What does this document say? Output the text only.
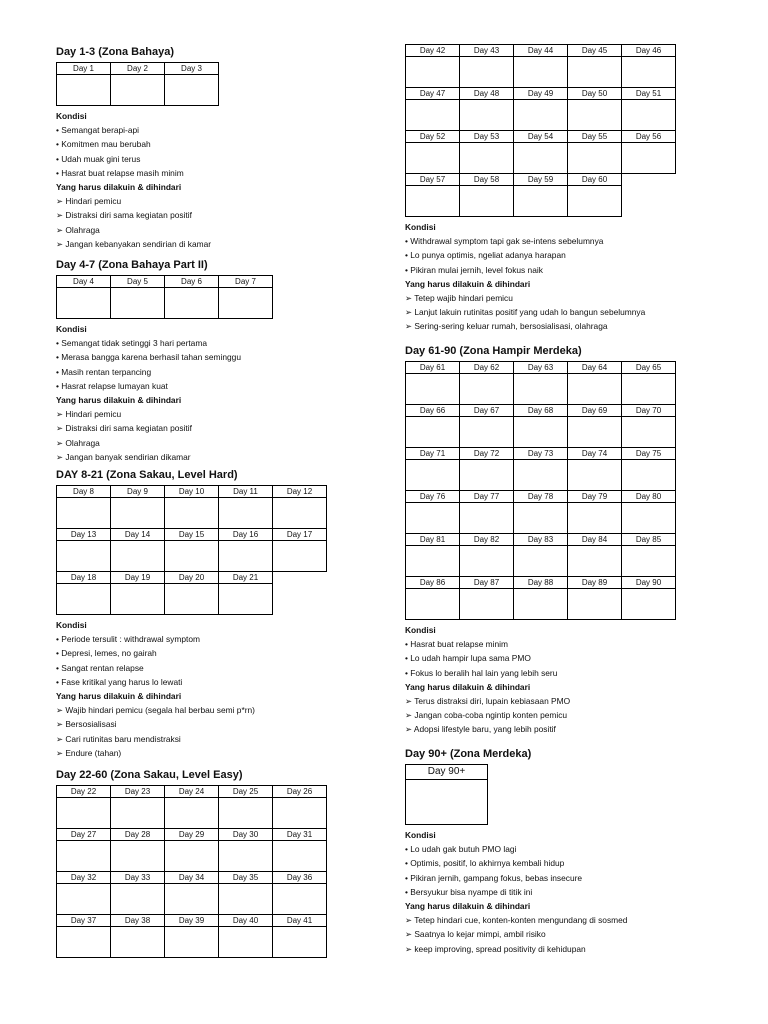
Day 1-3 (Zona Bahaya)
Day 1	Day 2	Day 3

Kondisi
• Semangat berapi-api
• Komitmen mau berubah
• Udah muak gini terus
• Hasrat buat relapse masih minim
Yang harus dilakuin & dihindari
➢ Hindari pemicu
➢ Distraksi diri sama kegiatan positif
➢ Olahraga
➢ Jangan kebanyakan sendirian di kamar
Day 4-7 (Zona Bahaya Part II)
Day 4	Day 5	Day 6	Day 7

Kondisi
• Semangat tidak setinggi 3 hari pertama
• Merasa bangga karena berhasil tahan seminggu
• Masih rentan terpancing
• Hasrat relapse lumayan kuat
Yang harus dilakuin & dihindari
➢ Hindari pemicu
➢ Distraksi diri sama kegiatan positif
➢ Olahraga
➢ Jangan banyak sendirian dikamar
DAY 8-21 (Zona Sakau, Level Hard)
Day 8	Day 9	Day 10	Day 11	Day 12

Day 13	Day 14	Day 15	Day 16	Day 17

Day 18	Day 19	Day 20	Day 21	

Kondisi
• Periode tersulit : withdrawal symptom
• Depresi, lemes, no gairah
• Sangat rentan relapse
• Fase kritikal yang harus lo lewati
Yang harus dilakuin & dihindari
➢ Wajib hindari pemicu (segala hal berbau semi p*rn)
➢ Bersosialisasi
➢ Cari rutinitas baru mendistraksi
➢ Endure (tahan)
Day 22-60 (Zona Sakau, Level Easy)
Day 22	Day 23	Day 24	Day 25	Day 26

Day 27	Day 28	Day 29	Day 30	Day 31

Day 32	Day 33	Day 34	Day 35	Day 36

Day 37	Day 38	Day 39	Day 40	Day 41

Day 42	Day 43	Day 44	Day 45	Day 46

Day 47	Day 48	Day 49	Day 50	Day 51

Day 52	Day 53	Day 54	Day 55	Day 56

Day 57	Day 58	Day 59	Day 60	

Kondisi
• Withdrawal symptom tapi gak se-intens sebelumnya
• Lo punya optimis, ngeliat adanya harapan
• Pikiran mulai jernih, level fokus naik
Yang harus dilakuin & dihindari
➢ Tetep wajib hindari pemicu
➢ Lanjut lakuin rutinitas positif yang udah lo bangun sebelumnya
➢ Sering-sering keluar rumah, bersosialisasi, olahraga
Day 61-90 (Zona Hampir Merdeka)
Day 61	Day 62	Day 63	Day 64	Day 65

Day 66	Day 67	Day 68	Day 69	Day 70

Day 71	Day 72	Day 73	Day 74	Day 75

Day 76	Day 77	Day 78	Day 79	Day 80

Day 81	Day 82	Day 83	Day 84	Day 85

Day 86	Day 87	Day 88	Day 89	Day 90

Kondisi
• Hasrat buat relapse minim
• Lo udah hampir lupa sama PMO
• Fokus lo beralih hal lain yang lebih seru
Yang harus dilakuin & dihindari
➢ Terus distraksi diri, lupain kebiasaan PMO
➢ Jangan coba-coba ngintip konten pemicu
➢ Adopsi lifestyle baru, yang lebih positif
Day 90+ (Zona Merdeka)
Day 90+

Kondisi
• Lo udah gak butuh PMO lagi
• Optimis, positif, lo akhirnya kembali hidup
• Pikiran jernih, gampang fokus, bebas insecure
• Bersyukur bisa nyampe di titik ini
Yang harus dilakuin & dihindari
➢ Tetep hindari cue, konten-konten mengundang di sosmed
➢ Saatnya lo kejar mimpi, ambil risiko
➢ keep improving, spread positivity di kehidupan
